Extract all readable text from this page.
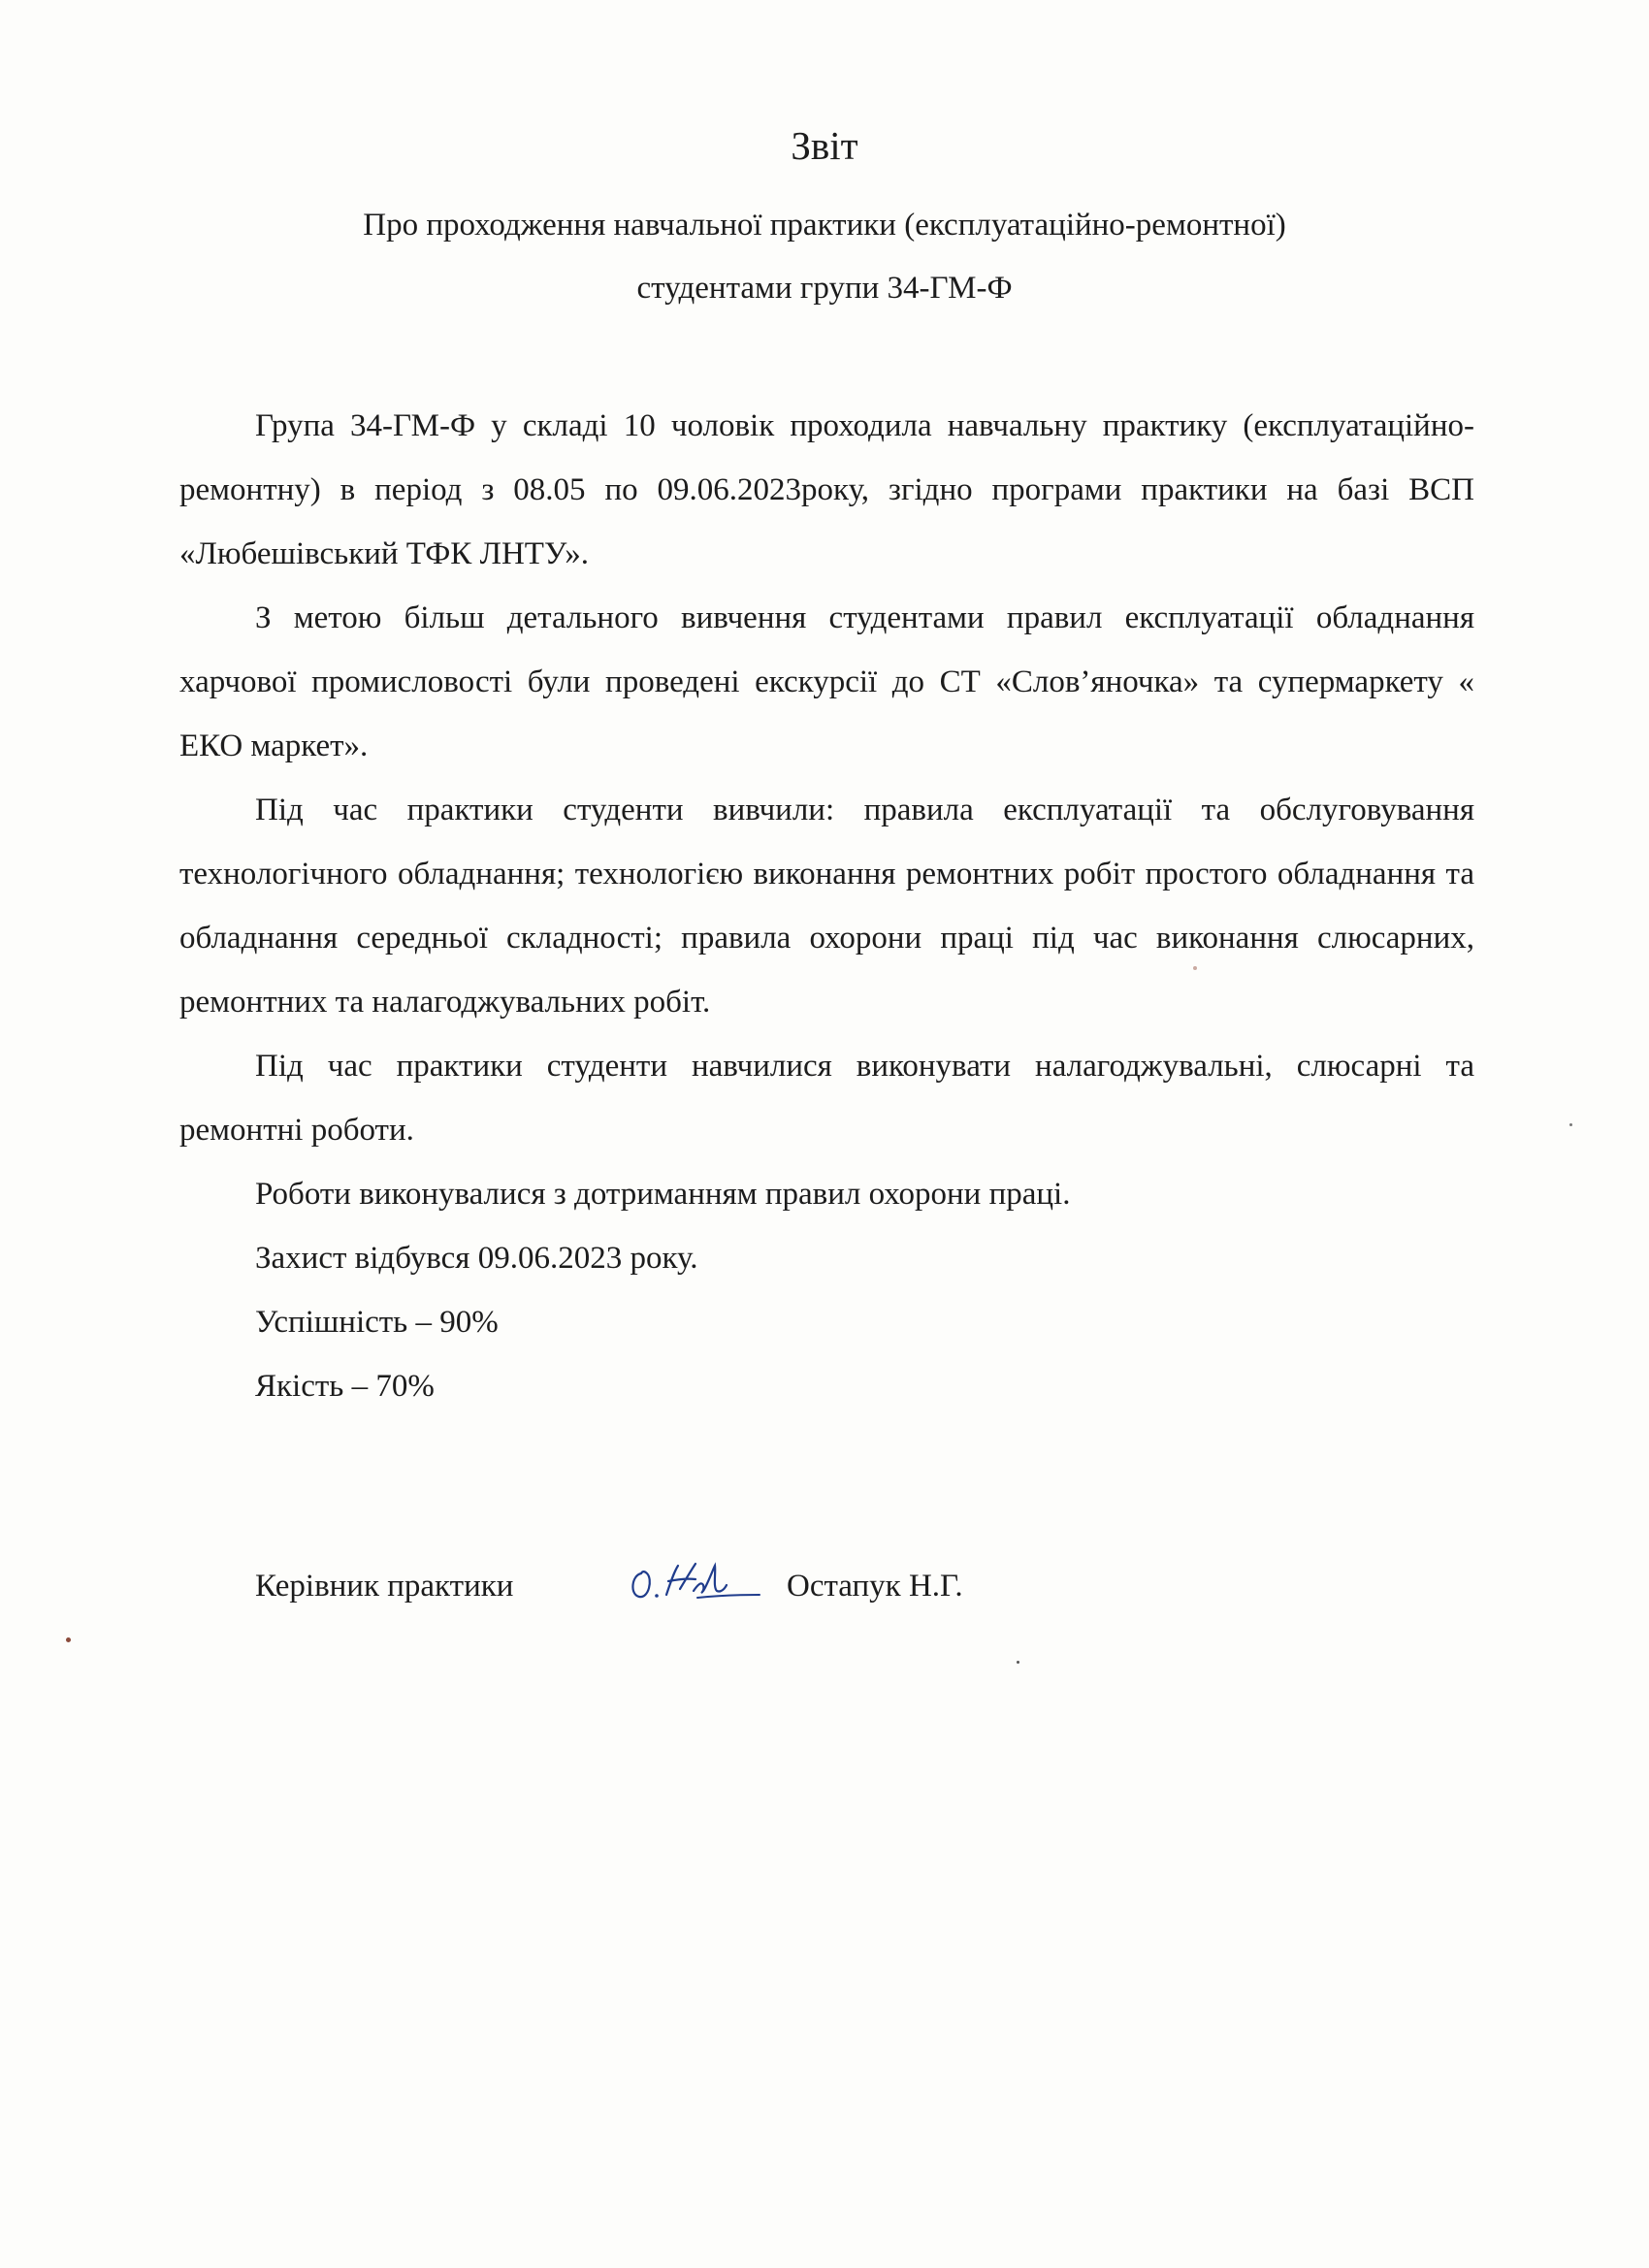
Звіт

Про проходження навчальної практики (експлуатаційно-ремонтної)

студентами групи 34-ГМ-Ф

Група 34-ГМ-Ф у складі 10 чоловік проходила навчальну практику (експлуатаційно-ремонтну) в період з 08.05 по 09.06.2023року, згідно програми практики на базі ВСП «Любешівський ТФК ЛНТУ».

З метою більш детального вивчення студентами правил експлуатації обладнання харчової промисловості були проведені екскурсії до СТ «Слов’яночка» та супермаркету « ЕКО маркет».

Під час практики студенти вивчили: правила експлуатації та обслуговування технологічного обладнання; технологією виконання ремонтних робіт простого обладнання та обладнання середньої складності; правила охорони праці під час виконання слюсарних, ремонтних та налагоджувальних робіт.

Під час практики студенти навчилися виконувати налагоджувальні, слюсарні та ремонтні роботи.

Роботи виконувалися з дотриманням правил охорони праці.

Захист відбувся 09.06.2023 року.

Успішність – 90%

Якість – 70%

Керівник практики	Остапук Н.Г.
